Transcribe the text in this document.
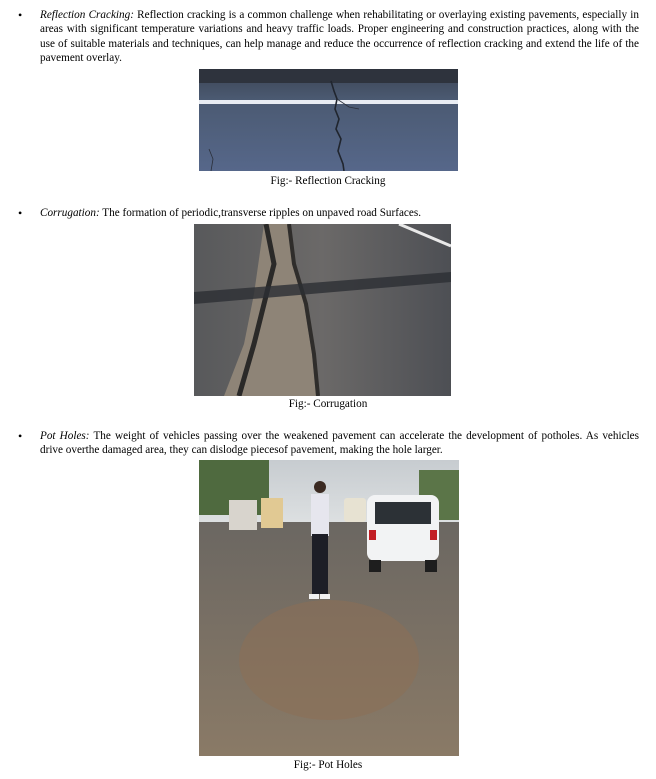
• Reflection Cracking: Reflection cracking is a common challenge when rehabilitating or overlaying existing pavements, especially in areas with significant temperature variations and heavy traffic loads. Proper engineering and construction practices, along with the use of suitable materials and techniques, can help manage and reduce the occurrence of reflection cracking and extend the life of the pavement overlay.
Fig:- Reflection Cracking
• Corrugation: The formation of periodic,transverse ripples on unpaved road Surfaces.
Fig:- Corrugation
• Pot Holes: The weight of vehicles passing over the weakened pavement can accelerate the development of potholes. As vehicles drive overthe damaged area, they can dislodge piecesof pavement, making the hole larger.
Fig:- Pot Holes
